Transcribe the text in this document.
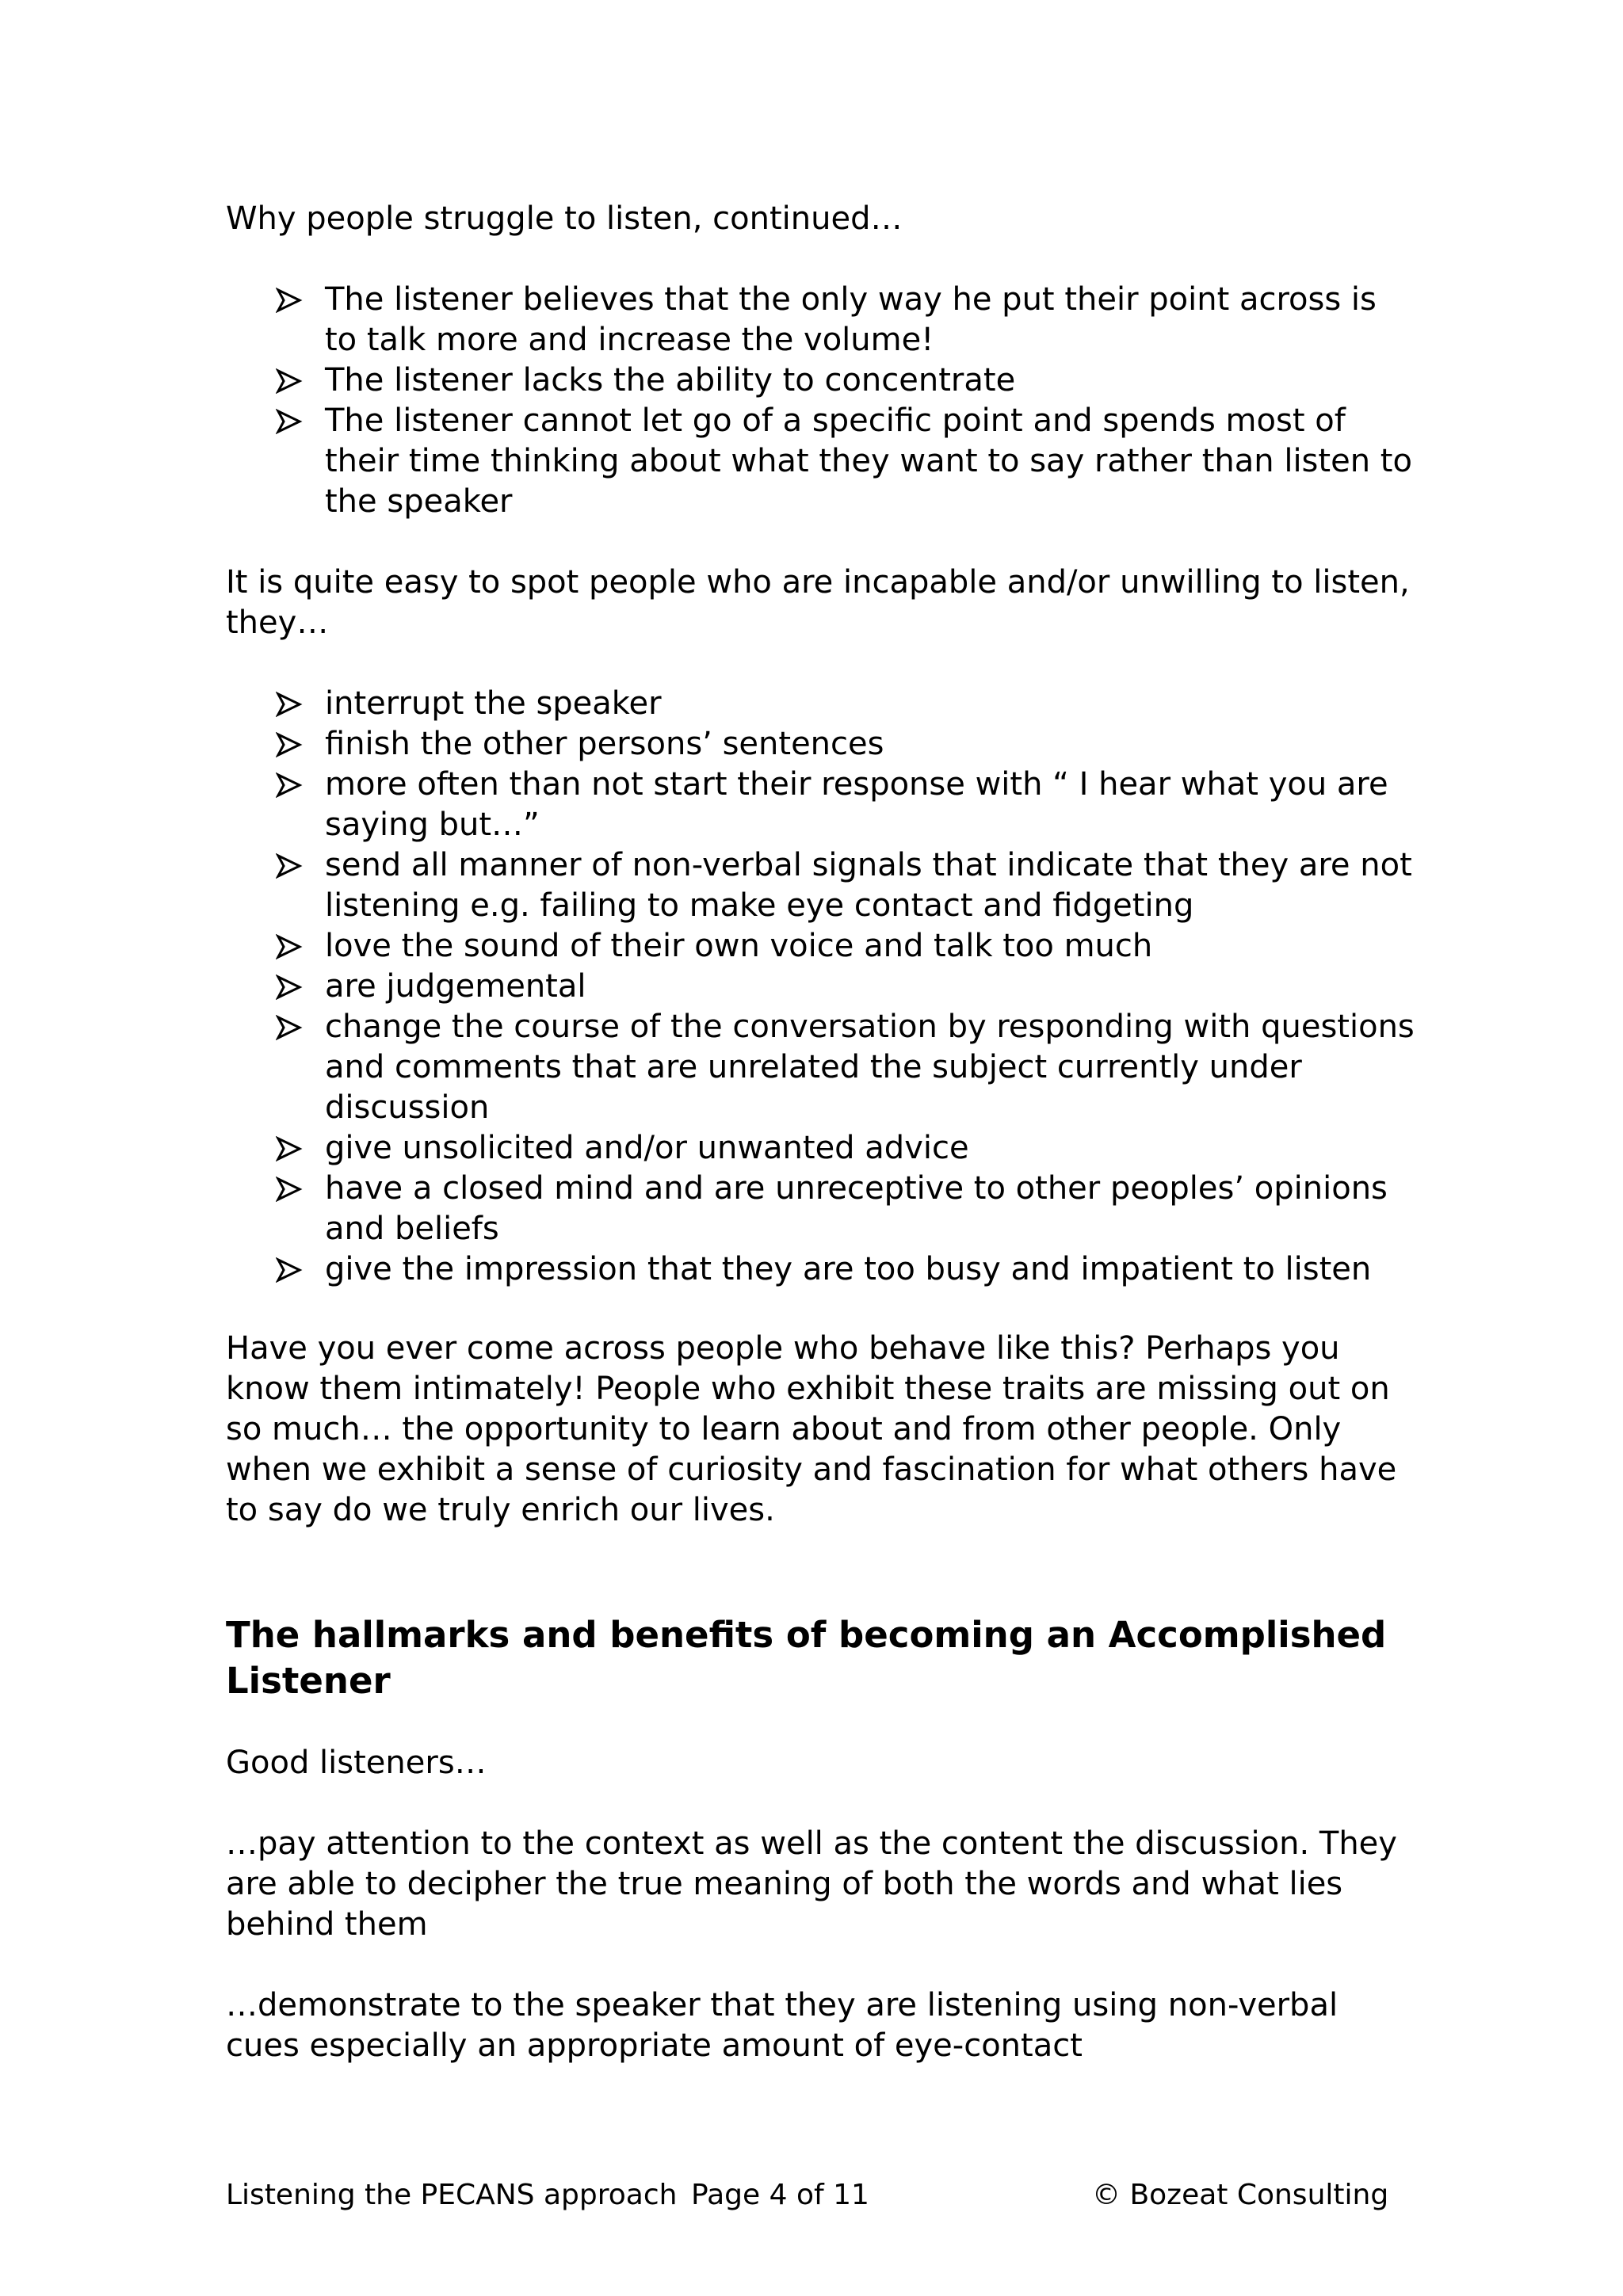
Why people struggle to listen, continued…

The listener believes that the only way he put their point across is to talk more and increase the volume!
The listener lacks the ability to concentrate
The listener cannot let go of a specific point and spends most of their time thinking about what they want to say rather than listen to the speaker

It is quite easy to spot people who are incapable and/or unwilling to listen, they…

interrupt the speaker
finish the other persons’ sentences
more often than not start their response with “ I hear what you are saying but…”
send all manner of non-verbal signals that indicate that they are not listening e.g. failing to make eye contact and fidgeting
love the sound of their own voice and talk too much
are judgemental
change the course of the conversation by responding with questions and comments that are unrelated the subject currently under discussion
give unsolicited and/or unwanted advice
have a closed mind and are unreceptive to other peoples’ opinions and beliefs
give the impression that they are too busy and impatient to listen

Have you ever come across people who behave like this? Perhaps you know them intimately! People who exhibit these traits are missing out on so much… the opportunity to learn about and from other people. Only when we exhibit a sense of curiosity and fascination for what others have to say do we truly enrich our lives.

The hallmarks and benefits of becoming an Accomplished Listener

Good listeners…

…pay attention to the context as well as the content the discussion. They are able to decipher the true meaning of both the words and what lies behind them

…demonstrate to the speaker that they are listening using non-verbal cues especially an appropriate amount of eye-contact

Listening the PECANS approach Page 4 of 11	© Bozeat Consulting
